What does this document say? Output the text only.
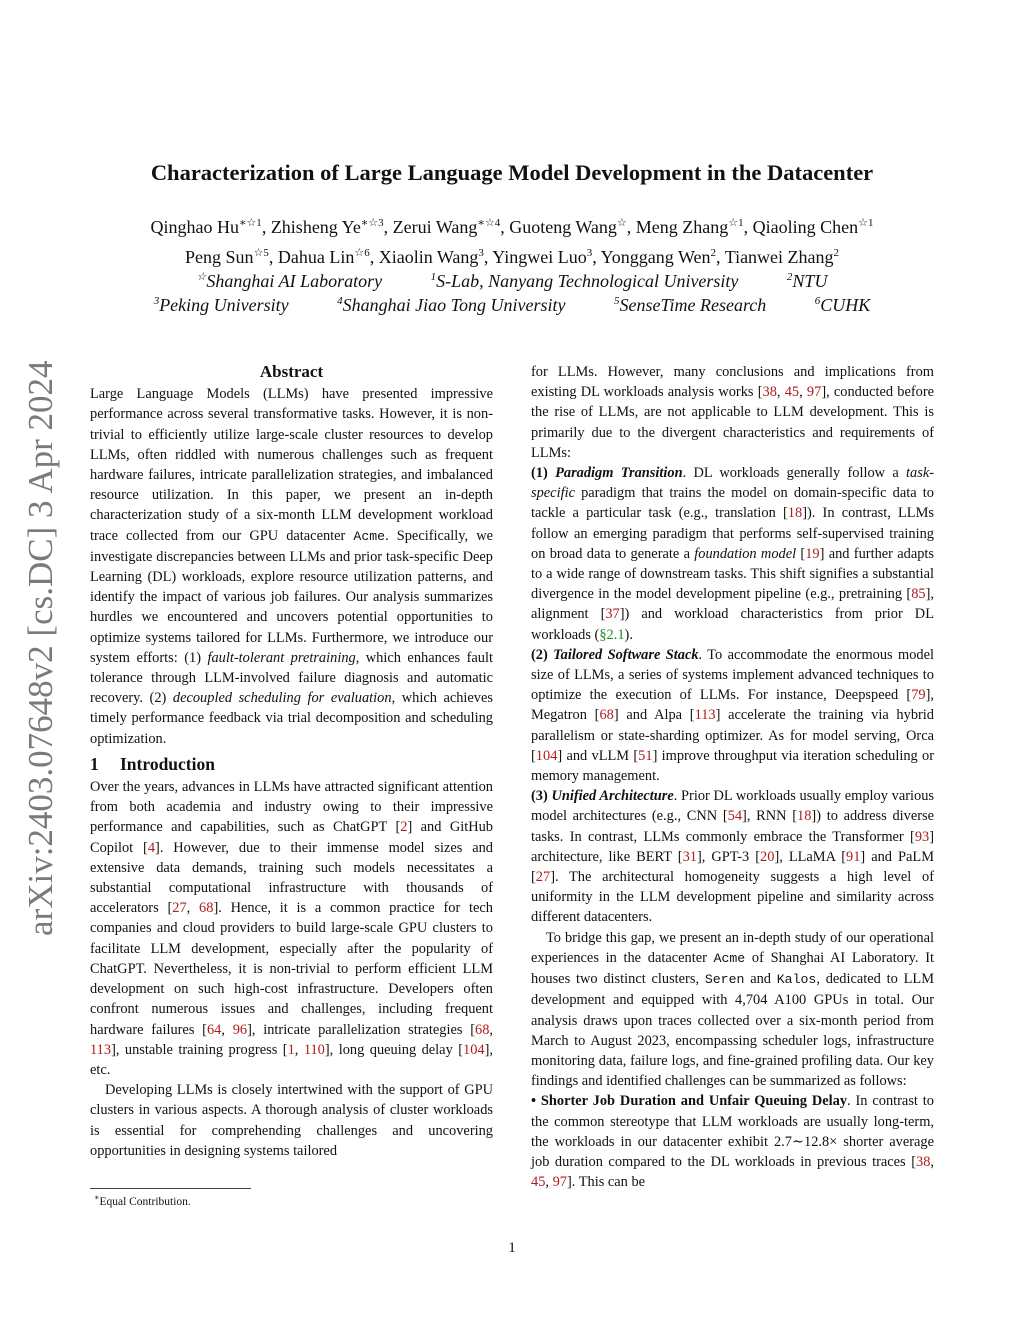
arXiv:2403.07648v2 [cs.DC] 3 Apr 2024
Characterization of Large Language Model Development in the Datacenter
Qinghao $Hu^{∗☆1}$, Zhisheng $Ye^{∗☆3}$, Zerui Wang$^{∗☆4}$, Guoteng Wang☆, Meng Zhang$^{☆1}$, Qiaoling Chen$^{☆1}$
Peng Sun$^{☆5}$, Dahua Lin$^{☆6}$, Xiaolin Wang$^3$, Yingwei Luo$^3$, Yonggang Wen$^2$, Tianwei Zhang$^2$
☆Shanghai AI Laboratory	$^1$S-Lab, Nanyang Technological University	$^2$NTU
$^3$Peking University	$^4$Shanghai Jiao Tong University	$^5$SenseTime Research	$^6$CUHK
Abstract

Large Language Models (LLMs) have presented impressive performance across several transformative tasks. However, it is non-trivial to efficiently utilize large-scale cluster resources to develop LLMs, often riddled with numerous challenges such as frequent hardware failures, intricate parallelization strategies, and imbalanced resource utilization. In this paper, we present an in-depth characterization study of a six-month LLM development workload trace collected from our GPU datacenter Acme. Specifically, we investigate discrepancies between LLMs and prior task-specific Deep Learning (DL) workloads, explore resource utilization patterns, and identify the impact of various job failures. Our analysis summarizes hurdles we encountered and uncovers potential opportunities to optimize systems tailored for LLMs. Furthermore, we introduce our system efforts: (1) fault-tolerant pretraining, which enhances fault tolerance through LLM-involved failure diagnosis and automatic recovery. (2) decoupled scheduling for evaluation, which achieves timely performance feedback via trial decomposition and scheduling optimization.

1 Introduction

Over the years, advances in LLMs have attracted significant attention from both academia and industry owing to their impressive performance and capabilities, such as ChatGPT [2] and GitHub Copilot [4]. However, due to their immense model sizes and extensive data demands, training such models necessitates a substantial computational infrastructure with thousands of accelerators [27, 68]. Hence, it is a common practice for tech companies and cloud providers to build large-scale GPU clusters to facilitate LLM development, especially after the popularity of ChatGPT. Nevertheless, it is non-trivial to perform efficient LLM development on such high-cost infrastructure. Developers often confront numerous issues and challenges, including frequent hardware failures [64, 96], intricate parallelization strategies [68, 113], unstable training progress [1, 110], long queuing delay [104], etc.

Developing LLMs is closely intertwined with the support of GPU clusters in various aspects. A thorough analysis of cluster workloads is essential for comprehending challenges and uncovering opportunities in designing systems tailored

for LLMs. However, many conclusions and implications from existing DL workloads analysis works [38, 45, 97], conducted before the rise of LLMs, are not applicable to LLM development. This is primarily due to the divergent characteristics and requirements of LLMs:

(1) Paradigm Transition. DL workloads generally follow a task-specific paradigm that trains the model on domain-specific data to tackle a particular task (e.g., translation [18]). In contrast, LLMs follow an emerging paradigm that performs self-supervised training on broad data to generate a foundation model [19] and further adapts to a wide range of downstream tasks. This shift signifies a substantial divergence in the model development pipeline (e.g., pretraining [85], alignment [37]) and workload characteristics from prior DL workloads (§2.1).

(2) Tailored Software Stack. To accommodate the enormous model size of LLMs, a series of systems implement advanced techniques to optimize the execution of LLMs. For instance, Deepspeed [79], Megatron [68] and Alpa [113] accelerate the training via hybrid parallelism or state-sharding optimizer. As for model serving, Orca [104] and vLLM [51] improve throughput via iteration scheduling or memory management.

(3) Unified Architecture. Prior DL workloads usually employ various model architectures (e.g., CNN [54], RNN [18]) to address diverse tasks. In contrast, LLMs commonly embrace the Transformer [93] architecture, like BERT [31], GPT-3 [20], LLaMA [91] and PaLM [27]. The architectural homogeneity suggests a high level of uniformity in the LLM development pipeline and similarity across different datacenters.

To bridge this gap, we present an in-depth study of our operational experiences in the datacenter Acme of Shanghai AI Laboratory. It houses two distinct clusters, Seren and Kalos, dedicated to LLM development and equipped with 4,704 A100 GPUs in total. Our analysis draws upon traces collected over a six-month period from March to August 2023, encompassing scheduler logs, infrastructure monitoring data, failure logs, and fine-grained profiling data. Our key findings and identified challenges can be summarized as follows:

• Shorter Job Duration and Unfair Queuing Delay. In contrast to the common stereotype that LLM workloads are usually long-term, the workloads in our datacenter exhibit 2.7∼12.8× shorter average job duration compared to the DL workloads in previous traces [38, 45, 97]. This can be

∗Equal Contribution.
1
